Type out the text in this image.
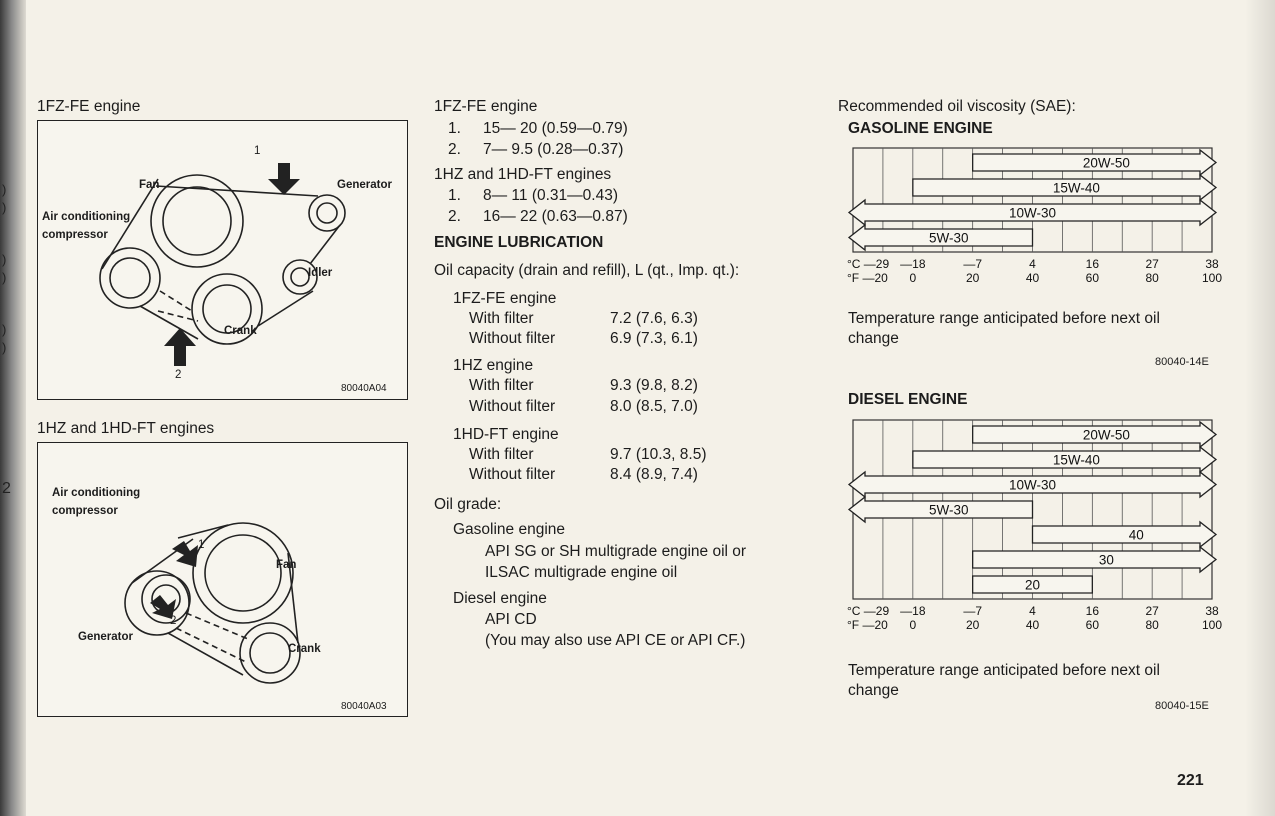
)
)
)
)
)
)
2
1FZ-FE engine
Fan	Generator
Air conditioning
compressor
Idler
Crank
1
2
80040A04
1HZ and 1HD-FT engines
Air conditioning
compressor
Fan
Generator
Crank
1
2
80040A03
1FZ-FE engine
1. 15— 20 (0.59—0.79)
2. 7— 9.5 (0.28—0.37)
1HZ and 1HD-FT engines
1. 8— 11 (0.31—0.43)
2. 16— 22 (0.63—0.87)
ENGINE LUBRICATION
Oil capacity (drain and refill), L (qt., Imp. qt.):
1FZ-FE engine
With filter	7.2 (7.6, 6.3)
Without filter	6.9 (7.3, 6.1)
1HZ engine
With filter	9.3 (9.8, 8.2)
Without filter	8.0 (8.5, 7.0)
1HD-FT engine
With filter	9.7 (10.3, 8.5)
Without filter	8.4 (8.9, 7.4)
Oil grade:
Gasoline engine
API SG or SH multigrade engine oil or
ILSAC multigrade engine oil
Diesel engine
API CD
(You may also use API CE or API CF.)
Recommended oil viscosity (SAE):
GASOLINE ENGINE
20W-50
15W-40
10W-30
5W-30
°C —29 —18	—7	4	16	27	38
°F —20 0	20	40	60	80	100
Temperature range anticipated before next oil
change
80040-14E
DIESEL ENGINE
20W-50
15W-40
10W-30
5W-30
40
30
20
°C —29 —18	—7	4	16	27	38
°F —20 0	20	40	60	80	100
Temperature range anticipated before next oil
change
80040-15E
221
